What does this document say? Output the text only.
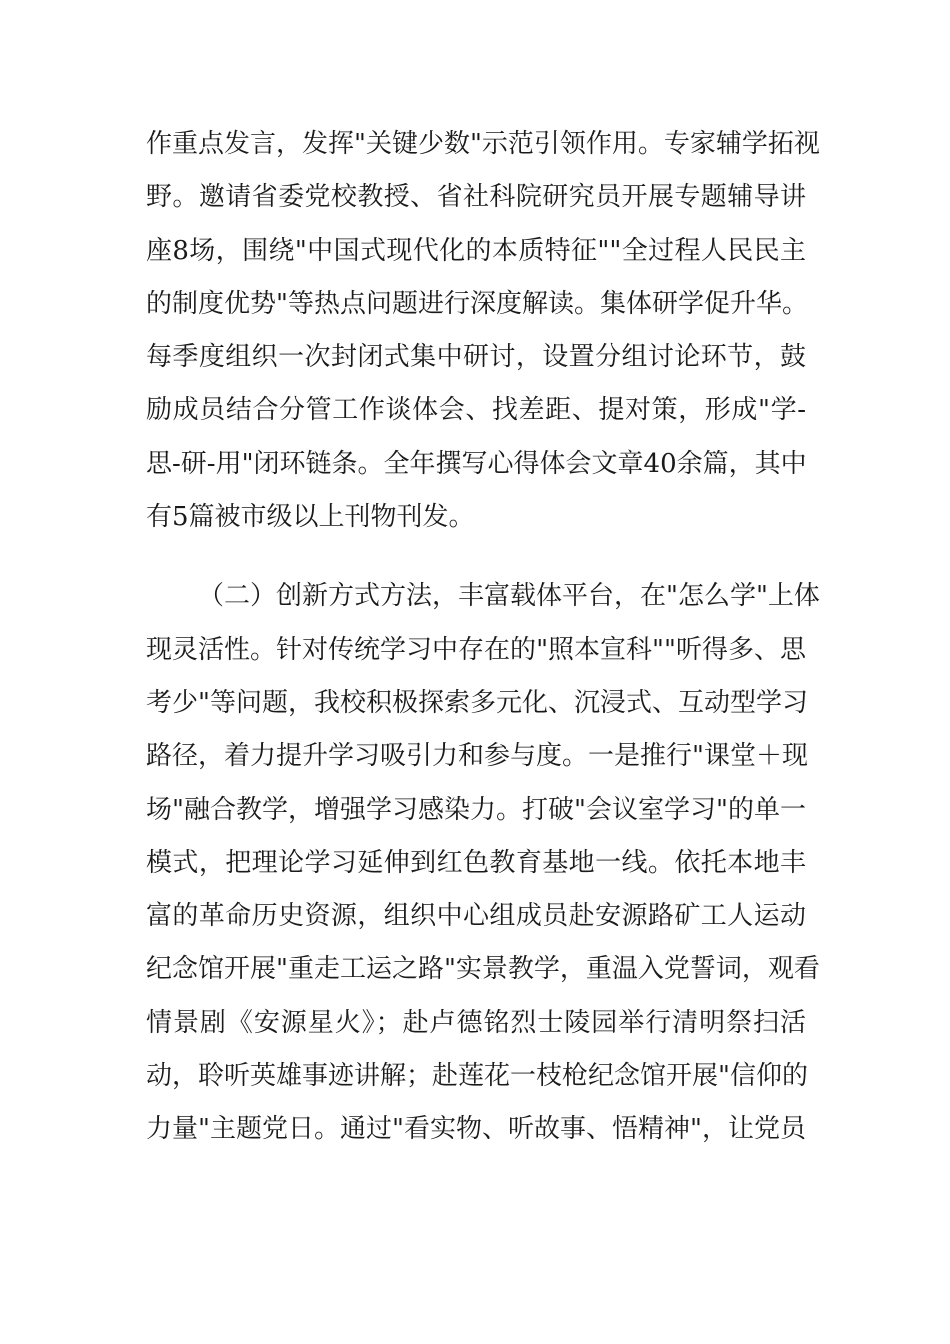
作重点发言，发挥"关键少数"示范引领作用。专家辅学拓视
野。邀请省委党校教授、省社科院研究员开展专题辅导讲
座8场，围绕"中国式现代化的本质特征""全过程人民民主
的制度优势"等热点问题进行深度解读。集体研学促升华。
每季度组织一次封闭式集中研讨，设置分组讨论环节，鼓
励成员结合分管工作谈体会、找差距、提对策，形成"学-
思-研-用"闭环链条。全年撰写心得体会文章40余篇，其中
有5篇被市级以上刊物刊发。
（二）创新方式方法，丰富载体平台，在"怎么学"上体
现灵活性。针对传统学习中存在的"照本宣科""听得多、思
考少"等问题，我校积极探索多元化、沉浸式、互动型学习
路径，着力提升学习吸引力和参与度。一是推行"课堂＋现
场"融合教学，增强学习感染力。打破"会议室学习"的单一
模式，把理论学习延伸到红色教育基地一线。依托本地丰
富的革命历史资源，组织中心组成员赴安源路矿工人运动
纪念馆开展"重走工运之路"实景教学，重温入党誓词，观看
情景剧《安源星火》；赴卢德铭烈士陵园举行清明祭扫活
动，聆听英雄事迹讲解；赴莲花一枝枪纪念馆开展"信仰的
力量"主题党日。通过"看实物、听故事、悟精神"，让党员
